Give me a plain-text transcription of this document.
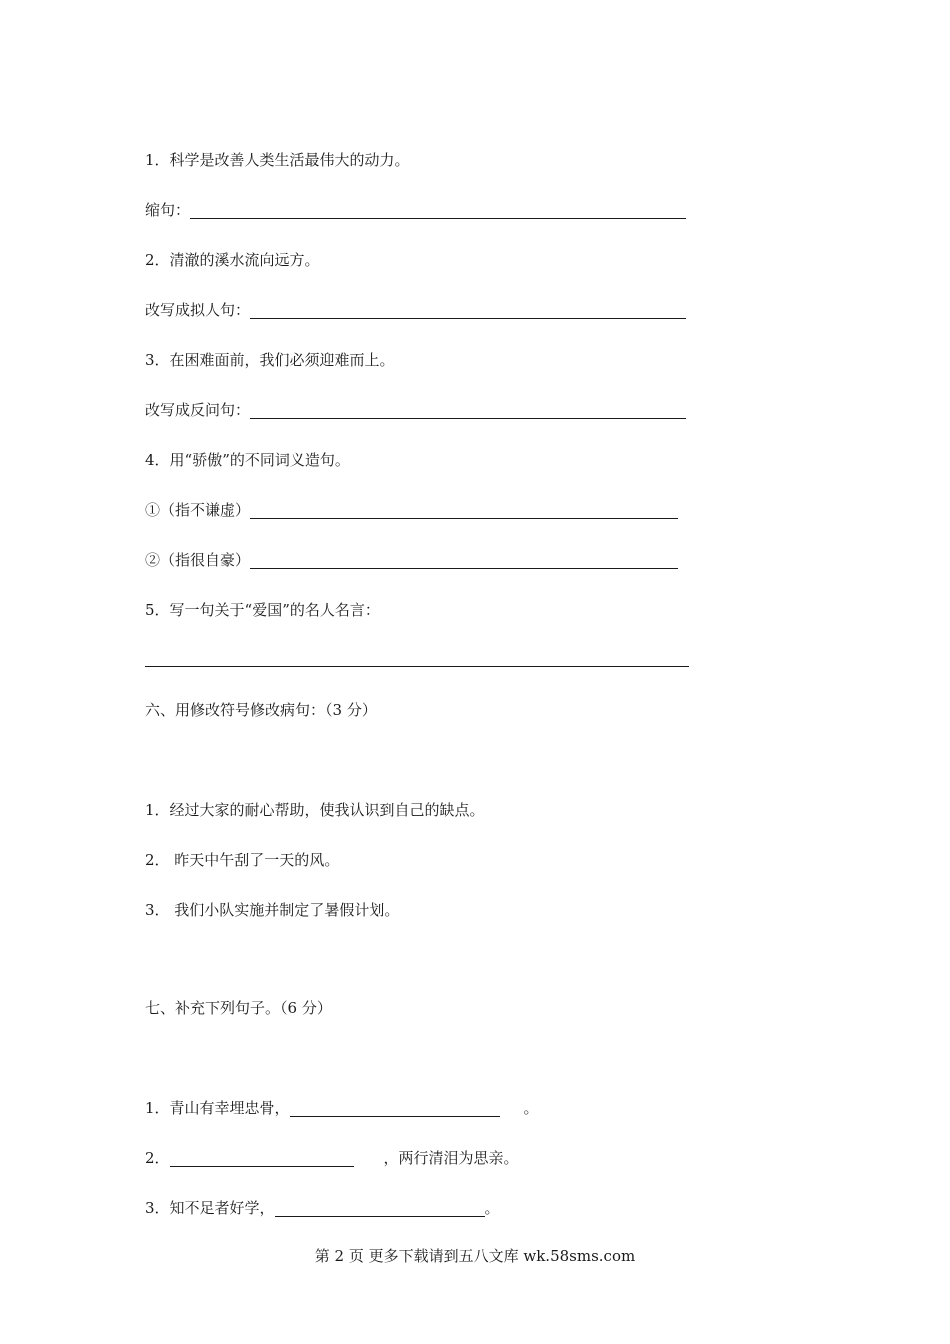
1．科学是改善人类生活最伟大的动力。
缩句：
2．清澈的溪水流向远方。
改写成拟人句：
3．在困难面前，我们必须迎难而上。
改写成反问句：
4．用“骄傲”的不同词义造句。
①（指不谦虚）
②（指很自豪）
5．写一句关于“爱国”的名人名言：
六、用修改符号修改病句：（3 分）
1．经过大家的耐心帮助，使我认识到自己的缺点。
2． 昨天中午刮了一天的风。
3． 我们小队实施并制定了暑假计划。
七、补充下列句子。（6 分）
1．青山有幸埋忠骨，	。
2．	，两行清泪为思亲。
3．知不足者好学，	。
第 2 页 更多下载请到五八文库 wk.58sms.com
